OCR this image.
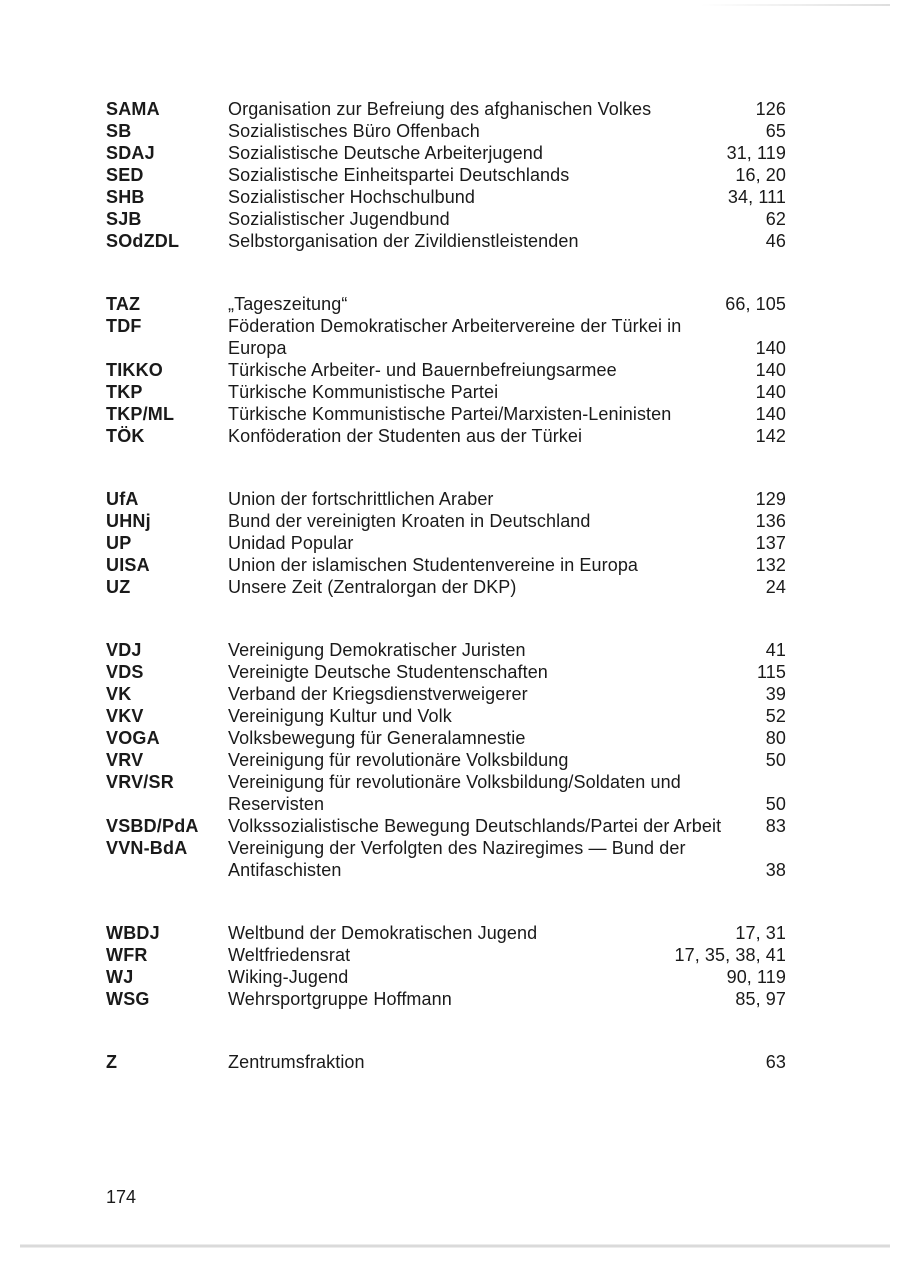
SAMA	Organisation zur Befreiung des afghanischen Volkes	126
SB	Sozialistisches Büro Offenbach	65
SDAJ	Sozialistische Deutsche Arbeiterjugend	31, 119
SED	Sozialistische Einheitspartei Deutschlands	16, 20
SHB	Sozialistischer Hochschulbund	34, 111
SJB	Sozialistischer Jugendbund	62
SOdZDL	Selbstorganisation der Zivildienstleistenden	46
TAZ	„Tageszeitung“	66, 105
TDF	Föderation Demokratischer Arbeitervereine der Türkei in Europa	140
TIKKO	Türkische Arbeiter- und Bauernbefreiungsarmee	140
TKP	Türkische Kommunistische Partei	140
TKP/ML	Türkische Kommunistische Partei/Marxisten-Leninisten	140
TÖK	Konföderation der Studenten aus der Türkei	142
UfA	Union der fortschrittlichen Araber	129
UHNj	Bund der vereinigten Kroaten in Deutschland	136
UP	Unidad Popular	137
UISA	Union der islamischen Studentenvereine in Europa	132
UZ	Unsere Zeit (Zentralorgan der DKP)	24
VDJ	Vereinigung Demokratischer Juristen	41
VDS	Vereinigte Deutsche Studentenschaften	115
VK	Verband der Kriegsdienstverweigerer	39
VKV	Vereinigung Kultur und Volk	52
VOGA	Volksbewegung für Generalamnestie	80
VRV	Vereinigung für revolutionäre Volksbildung	50
VRV/SR	Vereinigung für revolutionäre Volksbildung/Soldaten und Reservisten	50
VSBD/PdA	Volkssozialistische Bewegung Deutschlands/Partei der Arbeit	83
VVN-BdA	Vereinigung der Verfolgten des Naziregimes — Bund der Antifaschisten	38
WBDJ	Weltbund der Demokratischen Jugend	17, 31
WFR	Weltfriedensrat	17, 35, 38, 41
WJ	Wiking-Jugend	90, 119
WSG	Wehrsportgruppe Hoffmann	85, 97
Z	Zentrumsfraktion	63
174
